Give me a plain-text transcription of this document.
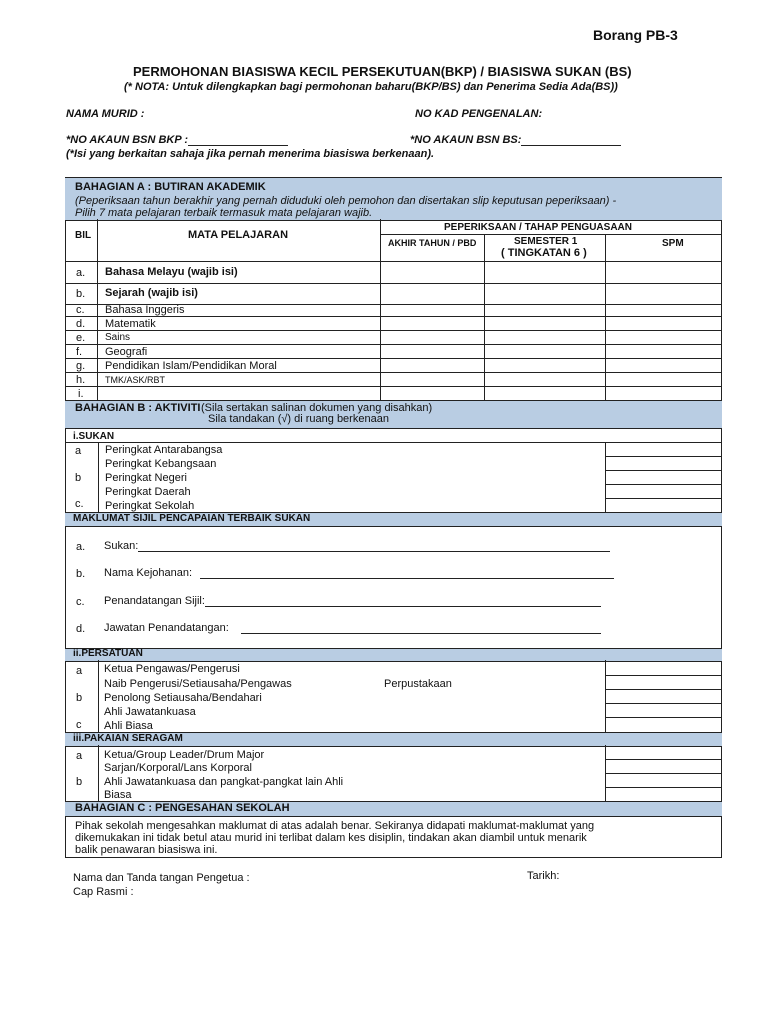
Borang PB-3
PERMOHONAN BIASISWA KECIL PERSEKUTUAN(BKP) / BIASISWA SUKAN (BS)
(* NOTA: Untuk dilengkapkan bagi permohonan baharu(BKP/BS) dan Penerima Sedia Ada(BS))
NAMA MURID :	NO KAD PENGENALAN:
*NO AKAUN BSN BKP :	*NO AKAUN BSN BS:
(*Isi yang berkaitan sahaja jika pernah menerima biasiswa berkenaan).
BAHAGIAN A : BUTIRAN AKADEMIK
(Peperiksaan tahun berakhir yang pernah diduduki oleh pemohon dan disertakan slip keputusan peperiksaan) -
Pilih 7 mata pelajaran terbaik termasuk mata pelajaran wajib.
BIL	MATA PELAJARAN
PEPERIKSAAN / TAHAP PENGUASAAN
AKHIR TAHUN / PBD	SEMESTER 1
( TINGKATAN 6 )
SPM
a. Bahasa Melayu (wajib isi)
b. Sejarah (wajib isi)
c. Bahasa Inggeris
d. Matematik
e. Sains
f. Geografi
g. Pendidikan Islam/Pendidikan Moral
h. TMK/ASK/RBT
i.
BAHAGIAN B : AKTIVITI (Sila sertakan salinan dokumen yang disahkan)
Sila tandakan (√) di ruang berkenaan
i.SUKAN
a Peringkat Antarabangsa
Peringkat Kebangsaan
b Peringkat Negeri
Peringkat Daerah
c. Peringkat Sekolah
MAKLUMAT SIJIL PENCAPAIAN TERBAIK SUKAN
a. Sukan:
b. Nama Kejohanan:
c. Penandatangan Sijil:
d. Jawatan Penandatangan:
ii.PERSATUAN
a Ketua Pengawas/Pengerusi
Naib Pengerusi/Setiausaha/Pengawas	Perpustakaan
b Penolong Setiausaha/Bendahari
Ahli Jawatankuasa
c Ahli Biasa
iii.PAKAIAN SERAGAM
a Ketua/Group Leader/Drum Major
Sarjan/Korporal/Lans Korporal
b Ahli Jawatankuasa dan pangkat-pangkat lain Ahli
Biasa
BAHAGIAN C : PENGESAHAN SEKOLAH
Pihak sekolah mengesahkan maklumat di atas adalah benar. Sekiranya didapati maklumat-maklumat yang
dikemukakan ini tidak betul atau murid ini terlibat dalam kes disiplin, tindakan akan diambil untuk menarik
balik penawaran biasiswa ini.
Nama dan Tanda tangan Pengetua :
Cap Rasmi :
Tarikh:
